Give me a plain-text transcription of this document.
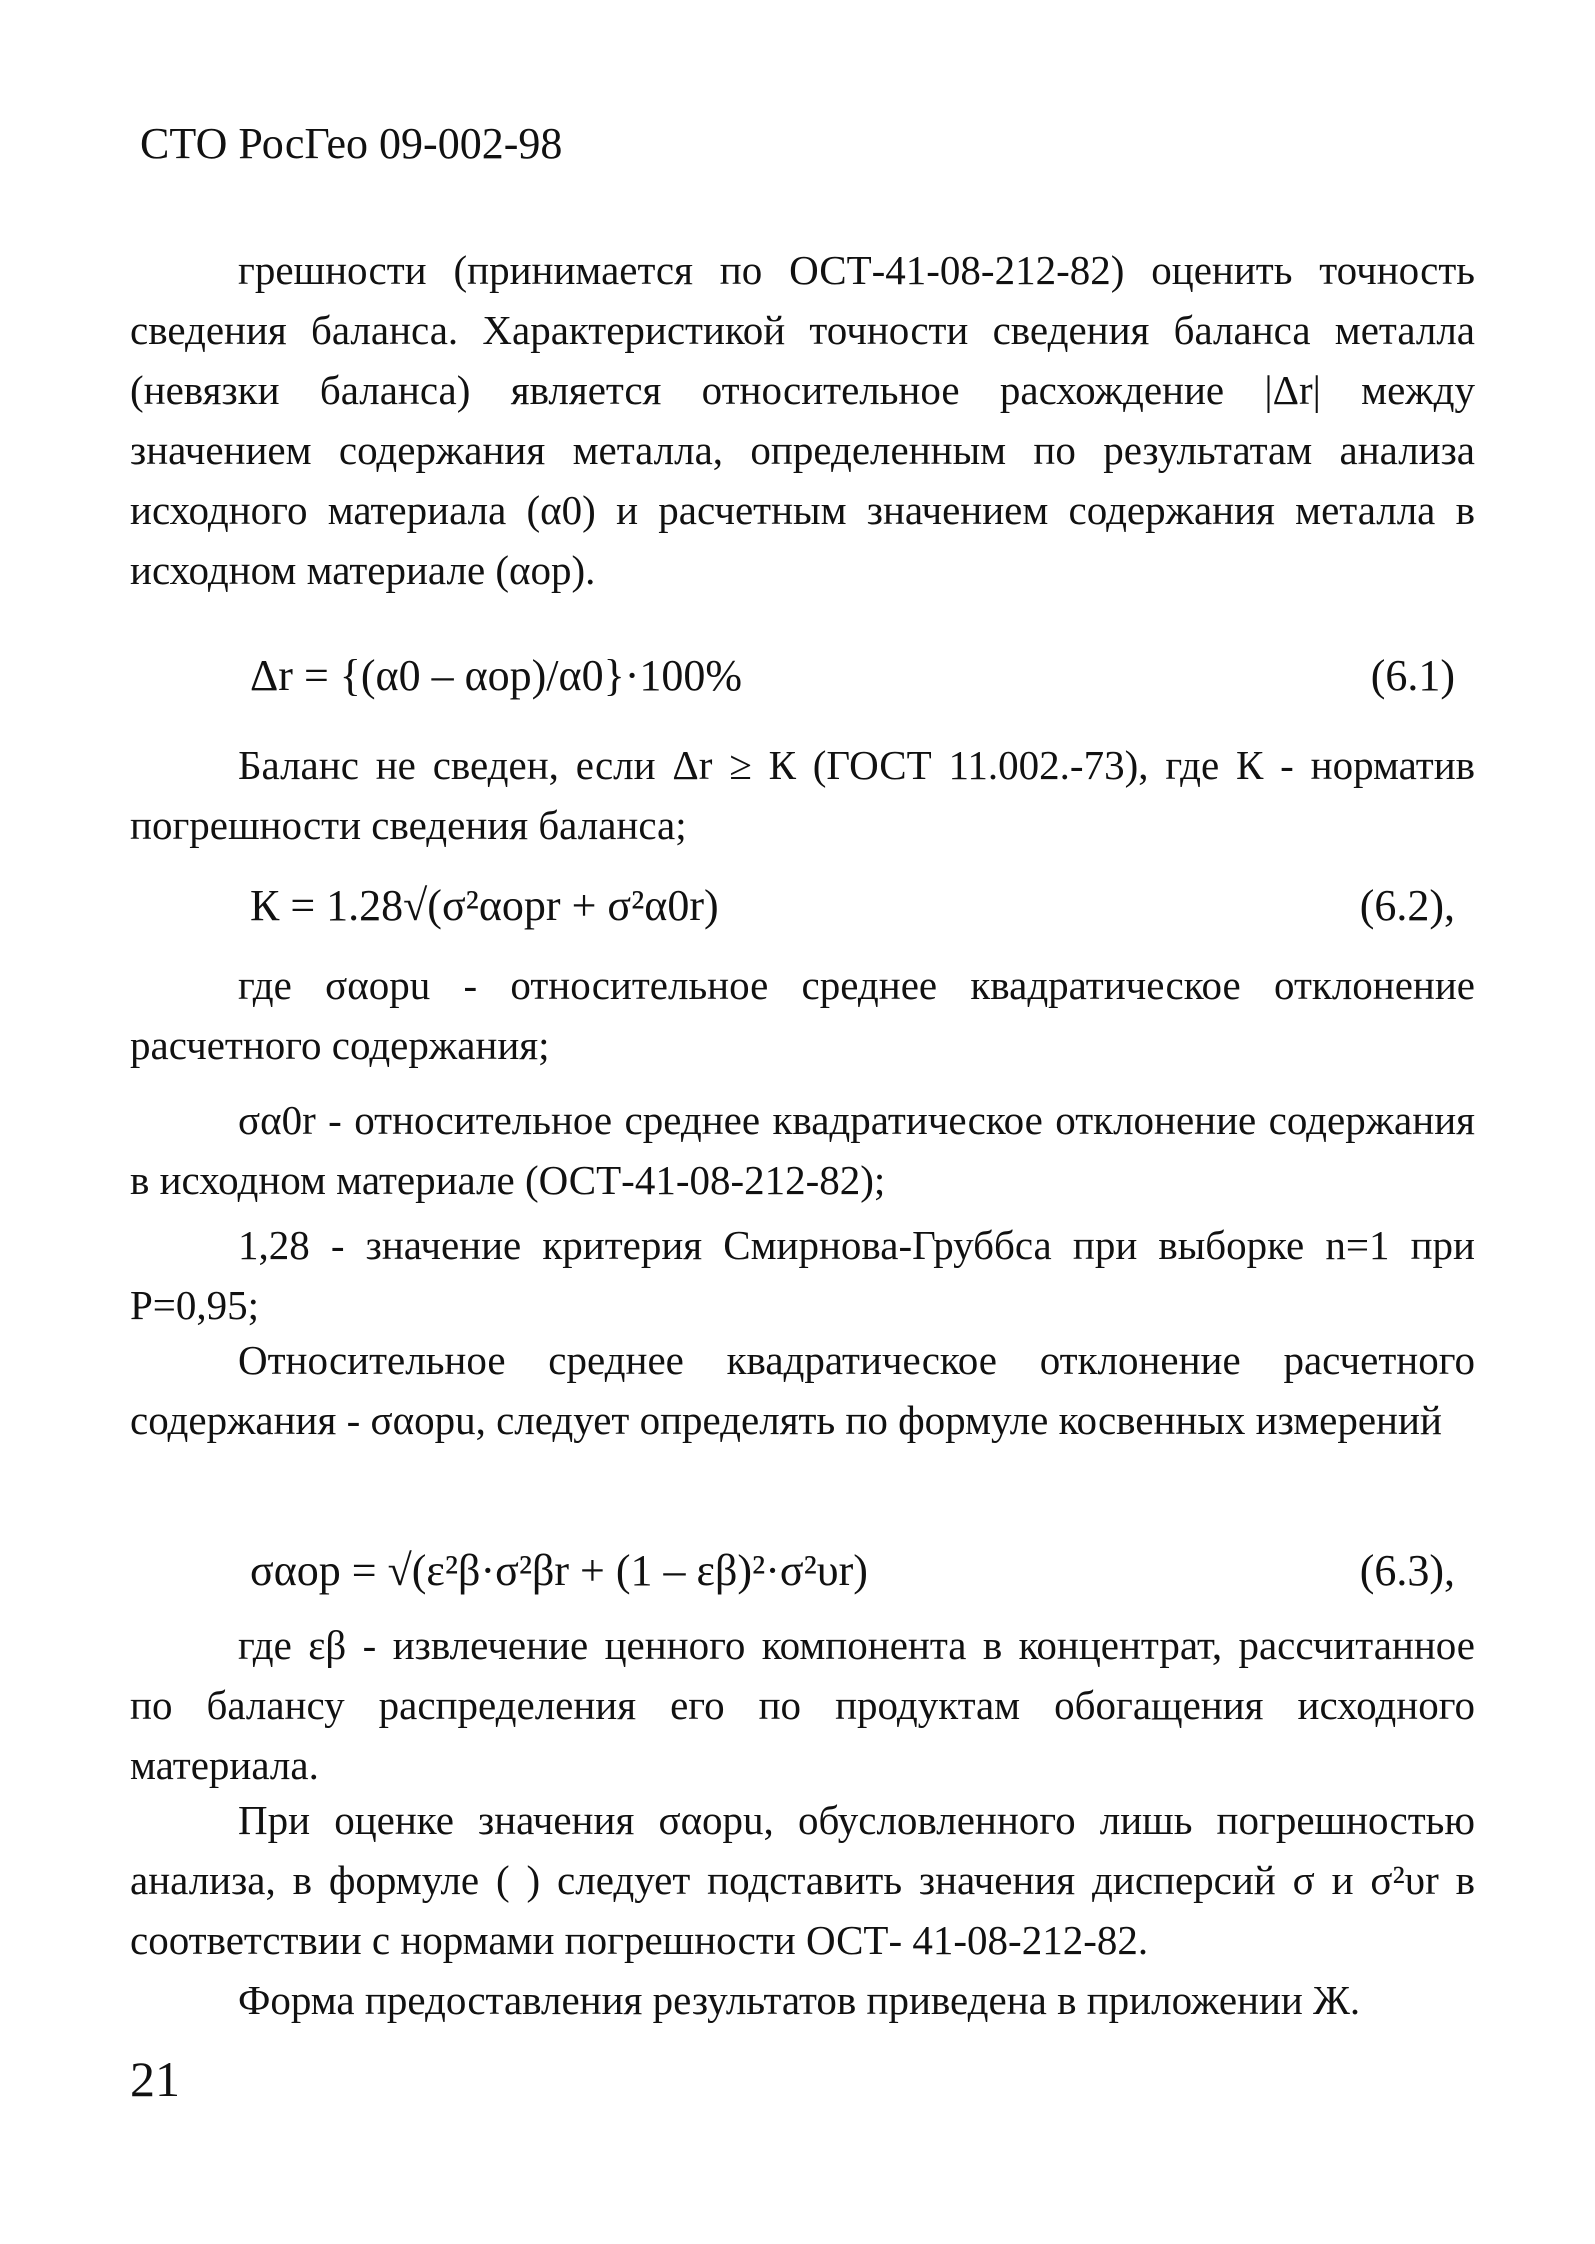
СТО РосГео 09-002-98
грешности (принимается по ОСТ-41-08-212-82) оценить точность сведения баланса. Характеристикой точности сведения баланса металла (невязки баланса) является относительное расхождение |Δr| между значением содержания металла, определенным по результатам анализа исходного материала (α0) и расчетным значением содержания металла в исходном материале (αор).
Δr = {(α0 – αор)/α0}·100%	(6.1)
Баланс не сведен, если Δr ≥ К (ГОСТ 11.002.-73), где К - норматив погрешности сведения баланса;
К = 1.28√(σ²αорr + σ²α0r)	(6.2),
где σαорu - относительное среднее квадратическое отклонение расчетного содержания;
σα0r - относительное среднее квадратическое отклонение содержания в исходном материале (ОСТ-41-08-212-82);
1,28 - значение критерия Смирнова-Груббса при выборке n=1 при P=0,95;
Относительное среднее квадратическое отклонение расчетного содержания - σαорu, следует определять по формуле косвенных измерений
σαор = √(ε²β·σ²βr + (1 – εβ)²·σ²υr)	(6.3),
где εβ - извлечение ценного компонента в концентрат, рассчитанное по балансу распределения его по продуктам обогащения исходного материала.
При оценке значения σαорu, обусловленного лишь погрешностью анализа, в формуле ( ) следует подставить значения дисперсий σ и σ²υr в соответствии с нормами погрешности ОСТ- 41-08-212-82.
Форма предоставления результатов приведена в приложении Ж.
21
